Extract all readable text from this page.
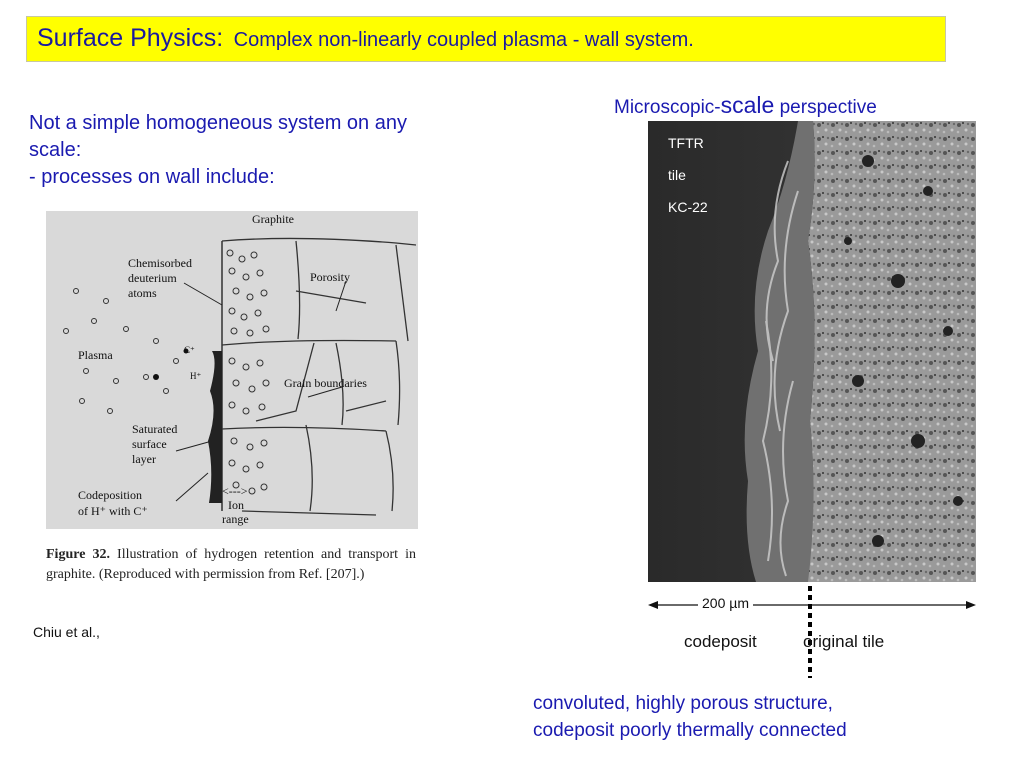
Surface Physics: Complex non-linearly coupled plasma - wall system.
Not a simple homogeneous system on any
scale:
- processes on wall include:
Microscopic-scale perspective
Graphite
Chemisorbed
deuterium
atoms
Porosity
Plasma
Grain boundaries
Saturated
surface
layer
Codeposition
of H⁺ with C⁺
<--->
Ion
range
C⁺
H⁺
Figure 32. Illustration of hydrogen retention and transport in graphite. (Reproduced with permission from Ref. [207].)
Chiu et al.,
TFTR
tile
KC-22
200 µm
codeposit	original tile
convoluted, highly porous structure,
codeposit poorly thermally connected
